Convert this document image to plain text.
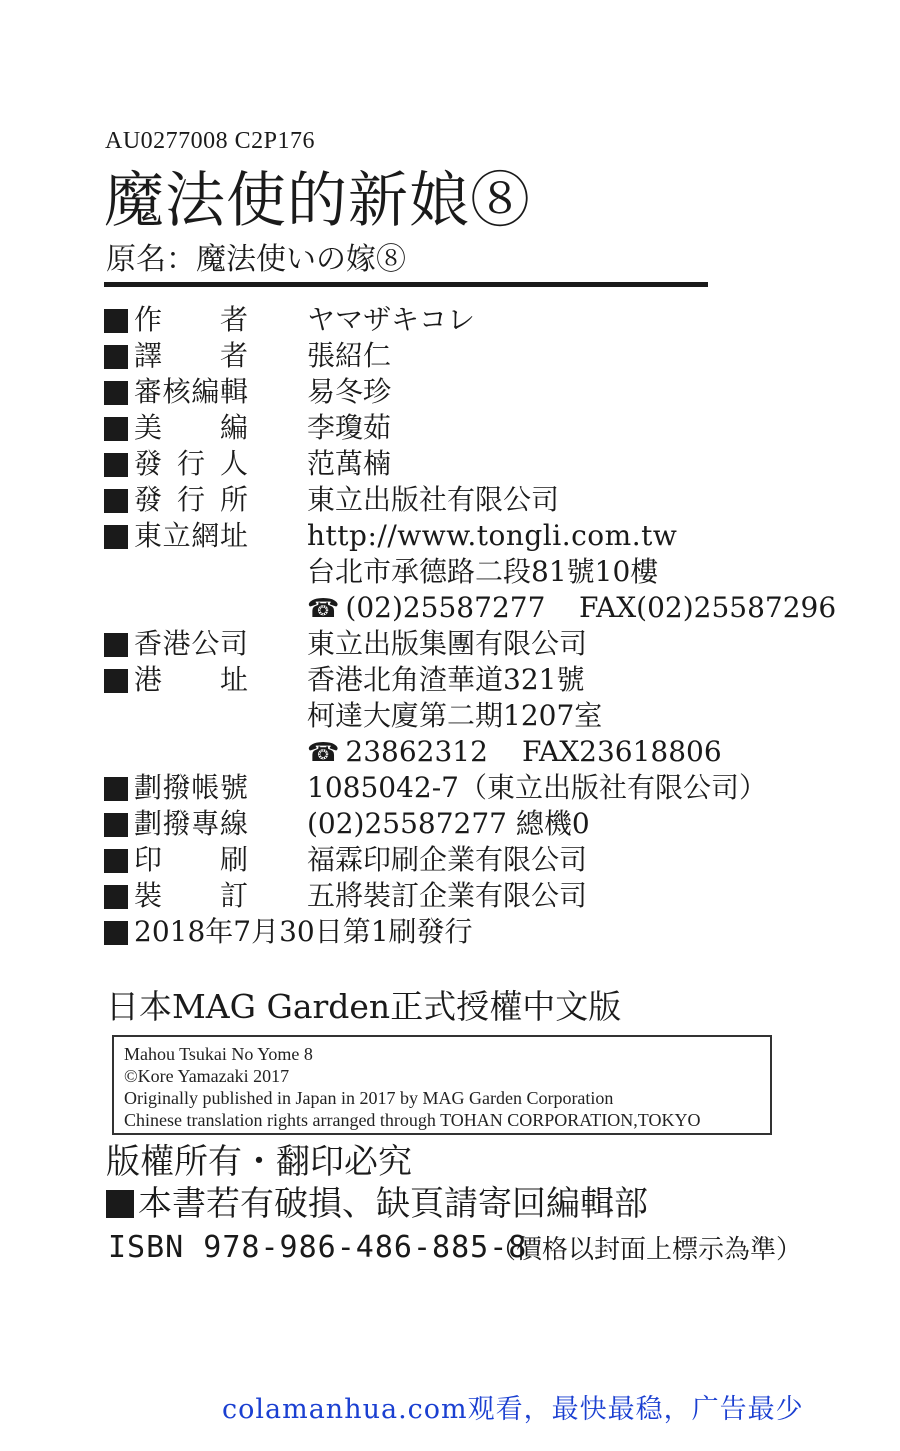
AU0277008 C2P176
魔法使的新娘⑧
原名：魔法使いの嫁⑧
作 者 ヤマザキコレ
譯 者 張紹仁
審 核 編 輯 易冬珍
美 編 李瓊茹
發 行 人 范萬楠
發 行 所 東立出版社有限公司
東 立 網 址 http://www.tongli.com.tw
台北市承德路二段81號10樓
☎ (02)25587277 FAX(02)25587296
香 港 公 司 東立出版集團有限公司
港 址 香港北角渣華道321號
柯達大廈第二期1207室
☎ 23862312 FAX23618806
劃 撥 帳 號 1085042-7（東立出版社有限公司）
劃 撥 專 線 (02)25587277 總機0
印 刷 福霖印刷企業有限公司
裝 訂 五將裝訂企業有限公司
2018年7月30日第1刷發行
日本MAG Garden正式授權中文版
Mahou Tsukai No Yome 8
©Kore Yamazaki 2017
Originally published in Japan in 2017 by MAG Garden Corporation
Chinese translation rights arranged through TOHAN CORPORATION,TOKYO
版權所有・翻印必究
本書若有破損、缺頁請寄回編輯部
ISBN 978-986-486-885-8
（價格以封面上標示為準）
colamanhua.com观看，最快最稳，广告最少
